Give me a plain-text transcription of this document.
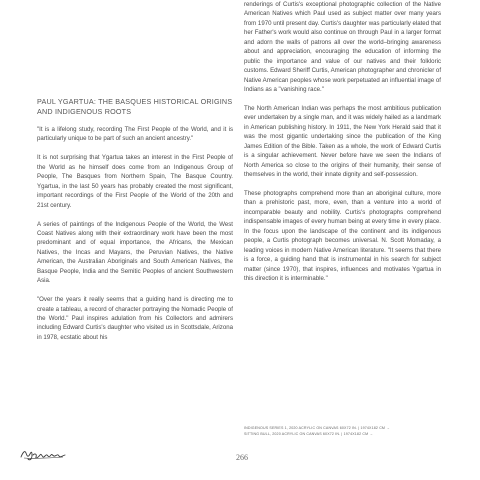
PAUL YGARTUA: THE BASQUES HISTORICAL ORIGINS
AND INDIGENOUS ROOTS

"It is a lifelong study, recording The First People of the World, and it is particularly unique to be part of such an ancient ancestry."

It is not surprising that Ygartua takes an interest in the First People of the World as he himself does come from an Indigenous Group of People, The Basques from Northern Spain, The Basque Country. Ygartua, in the last 50 years has probably created the most significant, important recordings of the First People of the World of the 20th and 21st century.

A series of paintings of the Indigenous People of the World, the West Coast Natives along with their extraordinary work have been the most predominant and of equal importance, the Africans, the Mexican Natives, the Incas and Mayans, the Peruvian Natives, the Native American, the Australian Aboriginals and South American Natives, the Basque People, India and the Semitic Peoples of ancient Southwestern Asia.

"Over the years it really seems that a guiding hand is directing me to create a tableau, a record of character portraying the Nomadic People of the World." Paul inspires adulation from his Collectors and admirers including Edward Curtis's daughter who visited us in Scottsdale, Arizona in 1978, ecstatic about his

renderings of Curtis's exceptional photographic collection of the Native American Natives which Paul used as subject matter over many years from 1970 until present day. Curtis's daughter was particularly elated that her Father's work would also continue on through Paul in a larger format and adorn the walls of patrons all over the world–bringing awareness about and appreciation, encouraging the education of informing the public the importance and value of our natives and their folkloric customs. Edward Sheriff Curtis, American photographer and chronicler of Native American peoples whose work perpetuated an influential image of Indians as a "vanishing race."

The North American Indian was perhaps the most ambitious publication ever undertaken by a single man, and it was widely hailed as a landmark in American publishing history. In 1911, the New York Herald said that it was the most gigantic undertaking since the publication of the King James Edition of the Bible. Taken as a whole, the work of Edward Curtis is a singular achievement. Never before have we seen the Indians of North America so close to the origins of their humanity, their sense of themselves in the world, their innate dignity and self-possession.

These photographs comprehend more than an aboriginal culture, more than a prehistoric past, more, even, than a venture into a world of incomparable beauty and nobility. Curtis's photographs comprehend indispensable images of every human being at every time in every place. In the focus upon the landscape of the continent and its indigenous people, a Curtis photograph becomes universal. N. Scott Momaday, a leading voices in modern Native American literature. "It seems that there is a force, a guiding hand that is instrumental in his search for subject matter (since 1970), that inspires, influences and motivates Ygartua in this direction it is interminable."

INDIGENOUS SERIES 1, 2020 ACRYLIC ON CANVAS 60X72 IN. | 1974X182 CM →
SITTING BULL, 2020 ACRYLIC ON CANVAS 60X72 IN. | 1974X182 CM →
266
